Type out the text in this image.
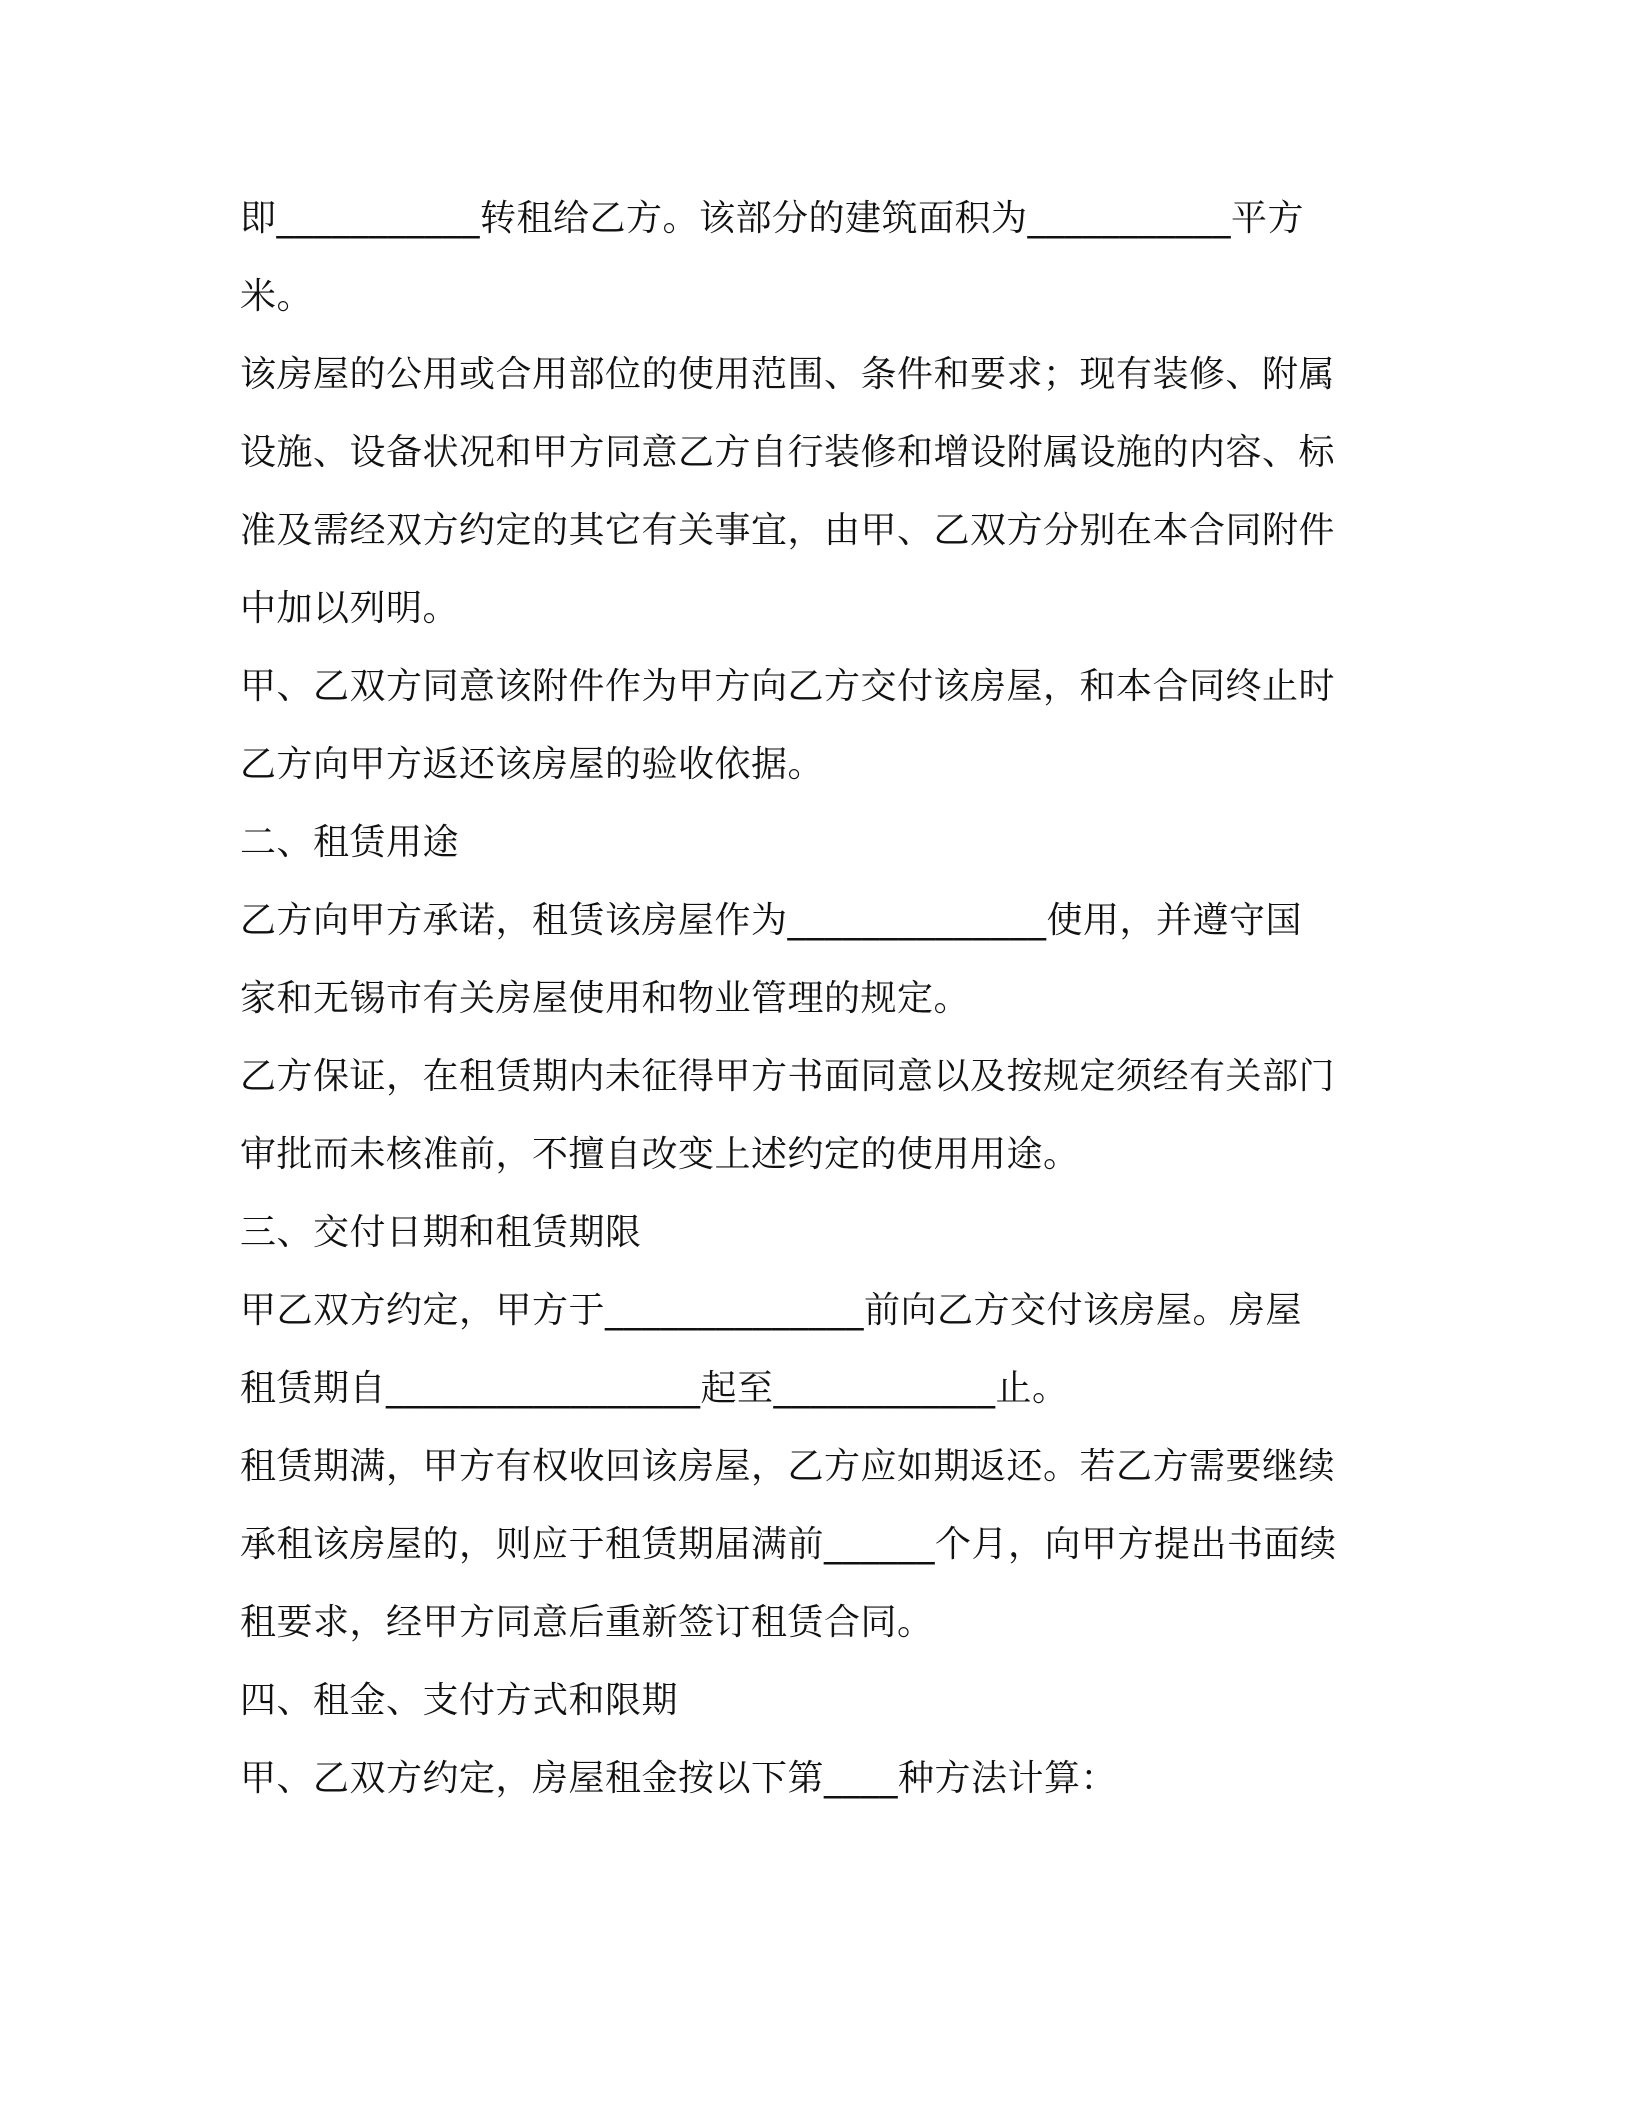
即___________转租给乙方。该部分的建筑面积为___________平方
米。
该房屋的公用或合用部位的使用范围、条件和要求；现有装修、附属
设施、设备状况和甲方同意乙方自行装修和增设附属设施的内容、标
准及需经双方约定的其它有关事宜，由甲、乙双方分别在本合同附件
中加以列明。
甲、乙双方同意该附件作为甲方向乙方交付该房屋，和本合同终止时
乙方向甲方返还该房屋的验收依据。
二、租赁用途
乙方向甲方承诺，租赁该房屋作为______________使用，并遵守国
家和无锡市有关房屋使用和物业管理的规定。
乙方保证，在租赁期内未征得甲方书面同意以及按规定须经有关部门
审批而未核准前，不擅自改变上述约定的使用用途。
三、交付日期和租赁期限
甲乙双方约定，甲方于______________前向乙方交付该房屋。房屋
租赁期自_________________起至____________止。
租赁期满，甲方有权收回该房屋，乙方应如期返还。若乙方需要继续
承租该房屋的，则应于租赁期届满前______个月，向甲方提出书面续
租要求，经甲方同意后重新签订租赁合同。
四、租金、支付方式和限期
甲、乙双方约定，房屋租金按以下第____种方法计算：
